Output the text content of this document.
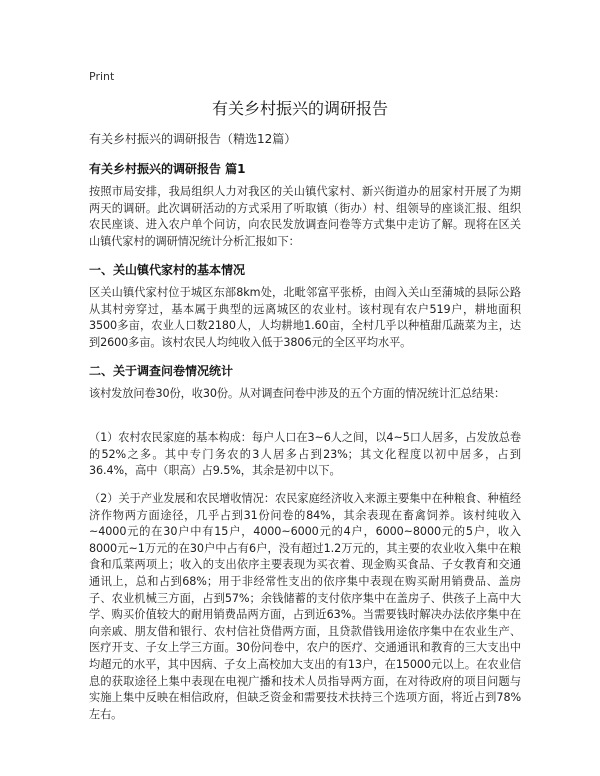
Print
有关乡村振兴的调研报告
有关乡村振兴的调研报告（精选12篇）
有关乡村振兴的调研报告 篇1
按照市局安排，我局组织人力对我区的关山镇代家村、新兴街道办的屈家村开展了为期两天的调研。此次调研活动的方式采用了听取镇（街办）村、组领导的座谈汇报、组织农民座谈、进入农户单个问访，向农民发放调查问卷等方式集中走访了解。现将在区关山镇代家村的调研情况统计分析汇报如下：
一、关山镇代家村的基本情况
区关山镇代家村位于城区东部8km处，北毗邻富平张桥，由阎入关山至蒲城的县际公路从其村旁穿过，基本属于典型的远离城区的农业村。该村现有农户519户，耕地面积3500多亩，农业人口数2180人，人均耕地1.60亩，全村几乎以种植甜瓜蔬菜为主，达到2600多亩。该村农民人均纯收入低于3806元的全区平均水平。
二、关于调查问卷情况统计
该村发放问卷30份，收30份。从对调查问卷中涉及的五个方面的情况统计汇总结果：
（1）农村农民家庭的基本构成：每户人口在3~6人之间，以4~5口人居多，占发放总卷的52%之多。其中专门务农的3人居多占到23%；其文化程度以初中居多，占到36.4%，高中（职高）占9.5%，其余是初中以下。
（2）关于产业发展和农民增收情况：农民家庭经济收入来源主要集中在种粮食、种植经济作物两方面途径，几乎占到31份问卷的84%，其余表现在畜禽饲养。该村纯收入~4000元的在30户中有15户，4000~6000元的4户，6000~8000元的5户，收入8000元~1万元的在30户中占有6户，没有超过1.2万元的，其主要的农业收入集中在粮食和瓜菜两项上；收入的支出依序主要表现为买衣着、现金购买食品、子女教育和交通通讯上，总和占到68%；用于非经常性支出的依序集中表现在购买耐用销费品、盖房子、农业机械三方面，占到57%；余钱储蓄的支付依序集中在盖房子、供孩子上高中大学、购买价值较大的耐用销费品两方面，占到近63%。当需要钱时解决办法依序集中在向亲戚、朋友借和银行、农村信社贷借两方面，且贷款借钱用途依序集中在农业生产、医疗开支、子女上学三方面。30份问卷中，农户的医疗、交通通讯和教育的三大支出中均超元的水平，其中因病、子女上高校加大支出的有13户，在15000元以上。在农业信息的获取途径上集中表现在电视广播和技术人员指导两方面，在对待政府的项目问题与实施上集中反映在相信政府，但缺乏资金和需要技术扶持三个选项方面，将近占到78%左右。
